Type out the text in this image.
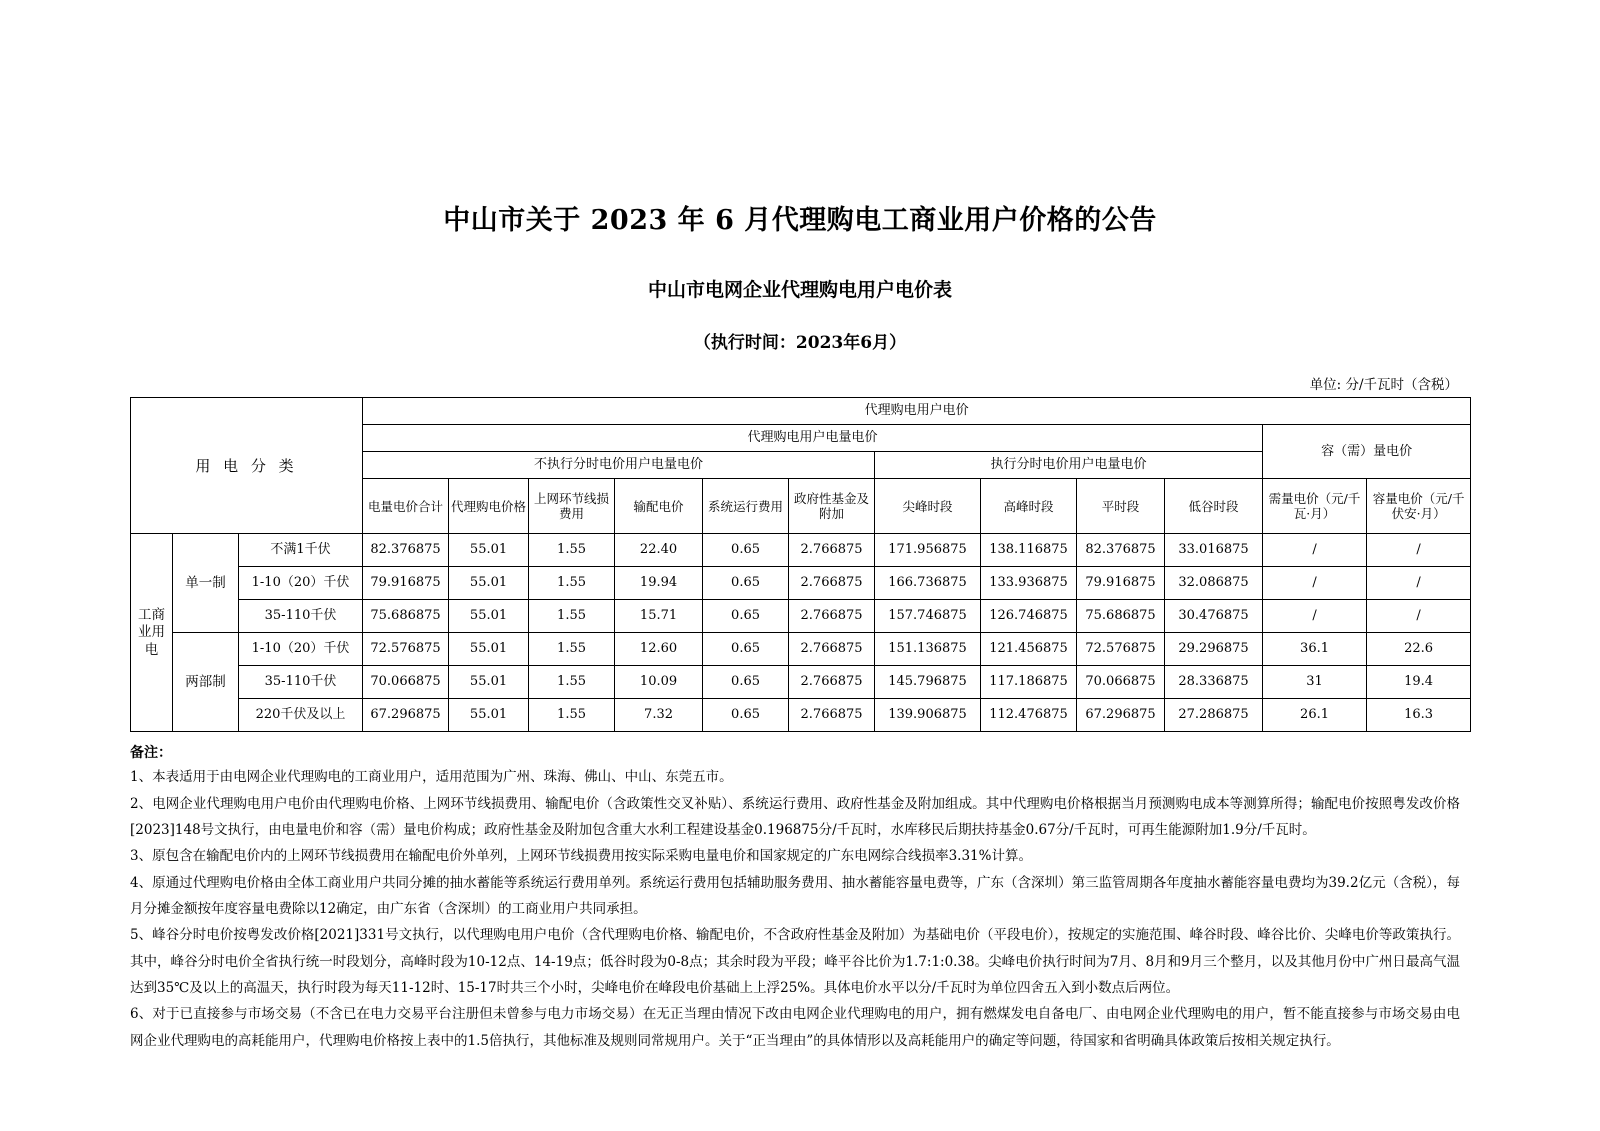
中山市关于 2023 年 6 月代理购电工商业用户价格的公告
中山市电网企业代理购电用户电价表
（执行时间：2023年6月）
单位: 分/千瓦时（含税）
用 电 分 类			代理购电用户电价											
			代理购电用户电量电价										容（需）量电价	
			不执行分时电价用户电量电价						执行分时电价用户电量电价					
			电量电价合计	代理购电价格	上网环节线损费用	输配电价	系统运行费用	政府性基金及附加	尖峰时段	高峰时段	平时段	低谷时段	需量电价（元/千瓦·月）	容量电价（元/千伏安·月）
工商业用电	单一制	不满1千伏	82.376875	55.01	1.55	22.40	0.65	2.766875	171.956875	138.116875	82.376875	33.016875	/	/
		1-10（20）千伏	79.916875	55.01	1.55	19.94	0.65	2.766875	166.736875	133.936875	79.916875	32.086875	/	/
		35-110千伏	75.686875	55.01	1.55	15.71	0.65	2.766875	157.746875	126.746875	75.686875	30.476875	/	/
	两部制	1-10（20）千伏	72.576875	55.01	1.55	12.60	0.65	2.766875	151.136875	121.456875	72.576875	29.296875	36.1	22.6
		35-110千伏	70.066875	55.01	1.55	10.09	0.65	2.766875	145.796875	117.186875	70.066875	28.336875	31	19.4
		220千伏及以上	67.296875	55.01	1.55	7.32	0.65	2.766875	139.906875	112.476875	67.296875	27.286875	26.1	16.3
备注：

1、本表适用于由电网企业代理购电的工商业用户，适用范围为广州、珠海、佛山、中山、东莞五市。

2、电网企业代理购电用户电价由代理购电价格、上网环节线损费用、输配电价（含政策性交叉补贴）、系统运行费用、政府性基金及附加组成。其中代理购电价格根据当月预测购电成本等测算所得；输配电价按照粤发改价格[2023]148号文执行，由电量电价和容（需）量电价构成；政府性基金及附加包含重大水利工程建设基金0.196875分/千瓦时，水库移民后期扶持基金0.67分/千瓦时，可再生能源附加1.9分/千瓦时。

3、原包含在输配电价内的上网环节线损费用在输配电价外单列，上网环节线损费用按实际采购电量电价和国家规定的广东电网综合线损率3.31%计算。

4、原通过代理购电价格由全体工商业用户共同分摊的抽水蓄能等系统运行费用单列。系统运行费用包括辅助服务费用、抽水蓄能容量电费等，广东（含深圳）第三监管周期各年度抽水蓄能容量电费均为39.2亿元（含税），每月分摊金额按年度容量电费除以12确定，由广东省（含深圳）的工商业用户共同承担。

5、峰谷分时电价按粤发改价格[2021]331号文执行，以代理购电用户电价（含代理购电价格、输配电价，不含政府性基金及附加）为基础电价（平段电价），按规定的实施范围、峰谷时段、峰谷比价、尖峰电价等政策执行。其中，峰谷分时电价全省执行统一时段划分，高峰时段为10-12点、14-19点；低谷时段为0-8点；其余时段为平段；峰平谷比价为1.7:1:0.38。尖峰电价执行时间为7月、8月和9月三个整月，以及其他月份中广州日最高气温达到35℃及以上的高温天，执行时段为每天11-12时、15-17时共三个小时，尖峰电价在峰段电价基础上上浮25%。具体电价水平以分/千瓦时为单位四舍五入到小数点后两位。

6、对于已直接参与市场交易（不含已在电力交易平台注册但未曾参与电力市场交易）在无正当理由情况下改由电网企业代理购电的用户，拥有燃煤发电自备电厂、由电网企业代理购电的用户，暂不能直接参与市场交易由电网企业代理购电的高耗能用户，代理购电价格按上表中的1.5倍执行，其他标准及规则同常规用户。关于“正当理由”的具体情形以及高耗能用户的确定等问题，待国家和省明确具体政策后按相关规定执行。
